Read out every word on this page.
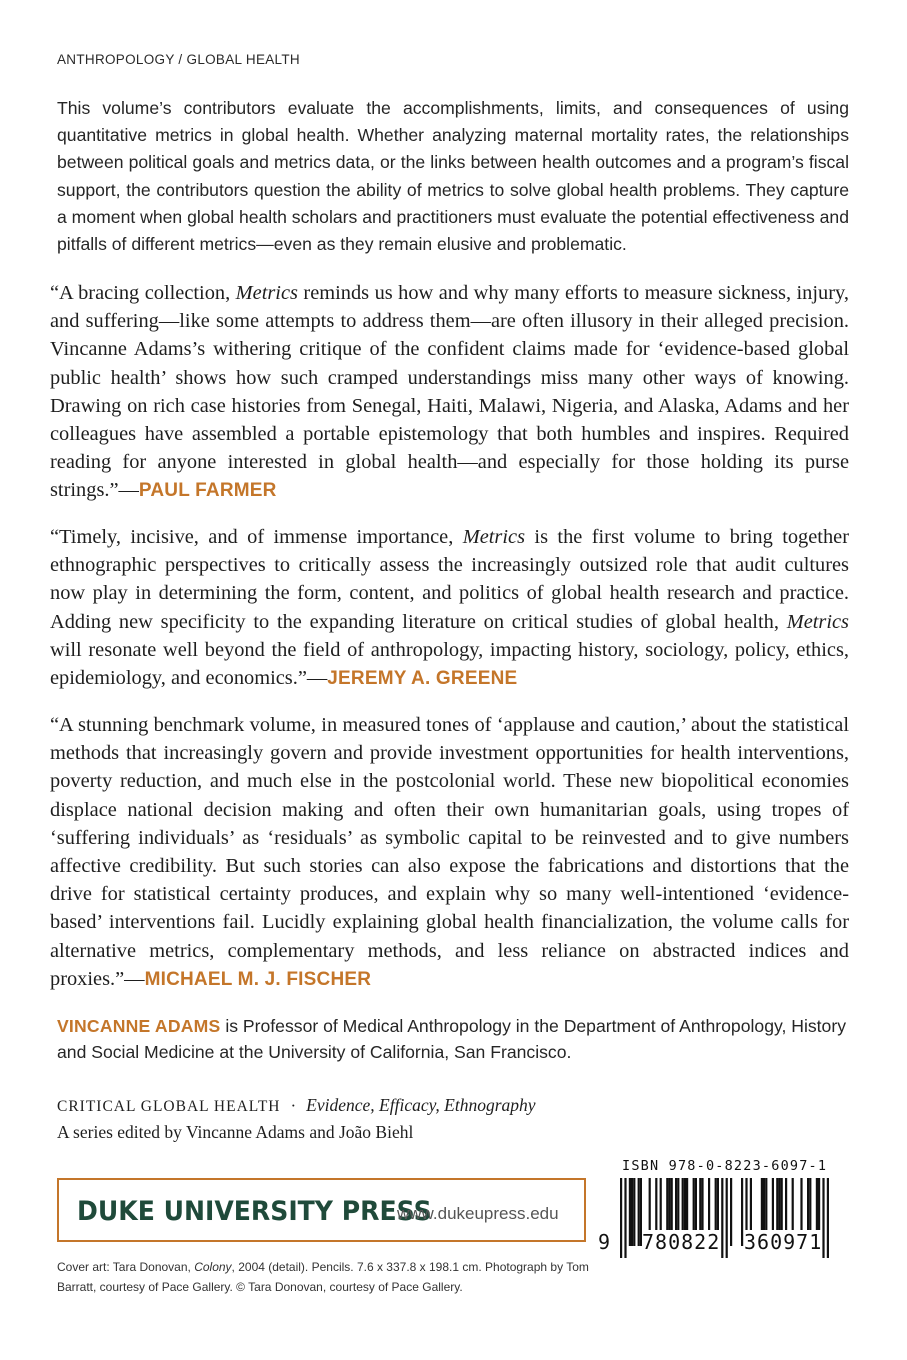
ANTHROPOLOGY / GLOBAL HEALTH

This volume’s contributors evaluate the accomplishments, limits, and consequences of using quantitative metrics in global health. Whether analyzing maternal mortality rates, the relationships between political goals and metrics data, or the links between health outcomes and a program’s fiscal support, the contributors question the ability of metrics to solve global health problems. They capture a moment when global health scholars and practitioners must evaluate the potential effectiveness and pitfalls of different metrics—even as they remain elusive and problematic.

“A bracing collection, Metrics reminds us how and why many efforts to measure sickness, injury, and suffering—like some attempts to address them—are often illusory in their alleged precision. Vincanne Adams’s withering critique of the confident claims made for ‘evidence-based global public health’ shows how such cramped understandings miss many other ways of knowing. Drawing on rich case histories from Senegal, Haiti, Malawi, Nigeria, and Alaska, Adams and her colleagues have assembled a portable epistemology that both humbles and inspires. Required reading for anyone interested in global health—and especially for those holding its purse strings.”—PAUL FARMER

“Timely, incisive, and of immense importance, Metrics is the first volume to bring together ethnographic perspectives to critically assess the increasingly outsized role that audit cultures now play in determining the form, content, and politics of global health research and practice. Adding new specificity to the expanding literature on critical studies of global health, Metrics will resonate well beyond the field of anthropology, impacting history, sociology, policy, ethics, epidemiology, and economics.”—JEREMY A. GREENE

“A stunning benchmark volume, in measured tones of ‘applause and caution,’ about the statistical methods that increasingly govern and provide investment opportunities for health interventions, poverty reduction, and much else in the postcolonial world. These new biopolitical economies displace national decision making and often their own humanitarian goals, using tropes of ‘suffering individuals’ as ‘residuals’ as symbolic capital to be reinvested and to give numbers affective credibility. But such stories can also expose the fabrications and distortions that the drive for statistical certainty produces, and explain why so many well-intentioned ‘evidence-based’ interventions fail. Lucidly explaining global health financialization, the volume calls for alternative metrics, complementary methods, and less reliance on abstracted indices and proxies.”—MICHAEL M. J. FISCHER

VINCANNE ADAMS is Professor of Medical Anthropology in the Department of Anthropology, History and Social Medicine at the University of California, San Francisco.

CRITICAL GLOBAL HEALTH · Evidence, Efficacy, Ethnography
A series edited by Vincanne Adams and João Biehl
DUKE UNIVERSITY PRESS
www.dukeupress.edu

Cover art: Tara Donovan, Colony, 2004 (detail). Pencils. 7.6 x 337.8 x 198.1 cm. Photograph by Tom Barratt, courtesy of Pace Gallery. © Tara Donovan, courtesy of Pace Gallery.

ISBN 978-0-8223-6097-1
9 780822 360971
